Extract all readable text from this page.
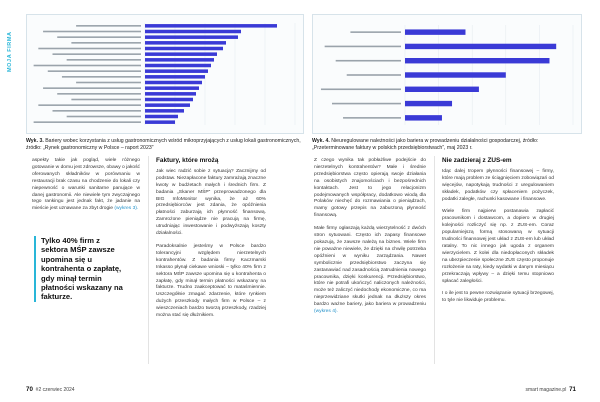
MOJA FIRMA
Wyk. 3. Bariery wobec korzystania z usług gastronomicznych wśród mikroprzyjających z usług lokali gastronomicznych, źródło: „Rynek gastronomiczny w Polsce – raport 2023”
Wyk. 4. Nieuregulowane należności jako bariera w prowadzeniu działalności gospodarczej, źródło: „Przeterminowane faktury w polskich przedsiębiorstwach”, maj 2023 r.

aspekty takie jak pogląd, wiele różnego gotowanie w domu jest zdrowsze, obawy o jakość oferowanych składników w porównaniu w restauracji brak czasu na chodzenie do lokali czy niepewność o warunki sanitarne panujące w danej gastronomii. Ale niewiele tym zwyczajnego tego rankingu jest jednak fakt, że jadanie na mieście jest uznawane za zbyt drogie (wykres 3).

Tylko 40% firm z sektora MŚP zawsze upomina się u kontrahenta o zapłatę, gdy minął termin płatności wskazany na fakturze.
Faktury, które mrożą

Jak wiec radzić sobie z sytuacją? Zacznijmy od podstaw. Niezapłacone faktury zamrażają znaczne kwoty w budżetach małych i średnich firm. Z badania „Skaner MŚP” przeprowadzonego dla BIG InfoMonitor wynika, że aż 60% przedsiębiorców jest zdania, że opóźnienia płatności zaburzają ich płynność finansową. Zamrożone pieniądze nie pracują na firmę, utrudniając inwestowanie i podwyższają koszty działalności.

Paradoksalnie jesteśmy w Polsce bardzo tolerancyjni względem nierzetelnych kontrahentów. Z badania firmy Kaczmarski Inkasso płynął ciekawe wnioski – tylko 40% firm z sektora MŚP zawsze upomina się u kontrahenta o zapłatę, gdy minął termin płatności wskazany na fakturze. Trudno zaakceptować to mataśmiennie. Uszczegółnie zmagać zdarzenie, które rynkiem dużych przeszkody małych firm w Polsce – z wieszczeniach bardzo tworzą przeszkody, rzadziej można stać się dłużnikiem.

Z czego wynika tak pobłażliwe podejście do nierzetelnych kontrahentów? Małe i średnie przedsiębiorstwa często opierają swoje działania na osobistych znajomościach i bezpośrednich kontaktach. Jest to jego relacjonizm podejmowanych współpracy, dodatkowo wiodą dla Polaków niechęć do rozmawiania o pieniądzach, mamy gotowy przepis na zaburzoną płynność finansową.

Małe firmy ogłaszają każdą wierzytelność z dwóch stron sytuowani. Często ich zapasy finansowe pokazują, że zawsze należą na biznes. Wiele firm nie poważne niewiele, że dzięki na chwilę potrzeba opóźnieni w wyniku zarządzania. Nawet symbolicznie przedsiębiorstwo zaczyna się zastanawiać nad zasadnością zatrudnienia nowego pracownika, dzięki konkurencji. Przedsiębiorstwo, które nie potrafi ukończyć naliczonych należności, może też zaliczyć niedochody ekonomiczne, co ma nieprzewidziane skutki jednak na dłuższy okres bardzo ważne bariery, jako bariera w prowadzeniu (wykres 4).

Nie zadzieraj z ZUS-em

Idąc dalej tropem płynności finansowej – firmy, które mają problem ze ściągnięciem zobowiązań od więcejów, napotykają trudności z uregulowaniem składek, podatków czy spłaceniem pożyczek, podatki zaległe, rachunki kasowane i finansowe.

Wiele firm najpierw postanawia zapłacić pracownikom i dostawcom, a dopiero w drugiej kolejności rozliczyć się np. z ZUS-em. Coraz popularniejszą formą stosowaną w sytuacji trudności finansowej jest układ z ZUS-em lub układ ratalny. To nic innego jak ugoda z organem wierzycielem. Z kolei dla niedopłaconych składek na ubezpieczenie społeczne ZUS często proponuje rozłożenie na raty, kiedy wydatki w danym miesiącu przekraczają wpływy – a dzięki temu stopniowo spłacać zaległości.

I o ile jest to pewne rozwiązanie sytuacji brzegowej, to tyle nie likwiduje problemu.

70 #2 czerwiec 2024	smart magazine.pl 71
